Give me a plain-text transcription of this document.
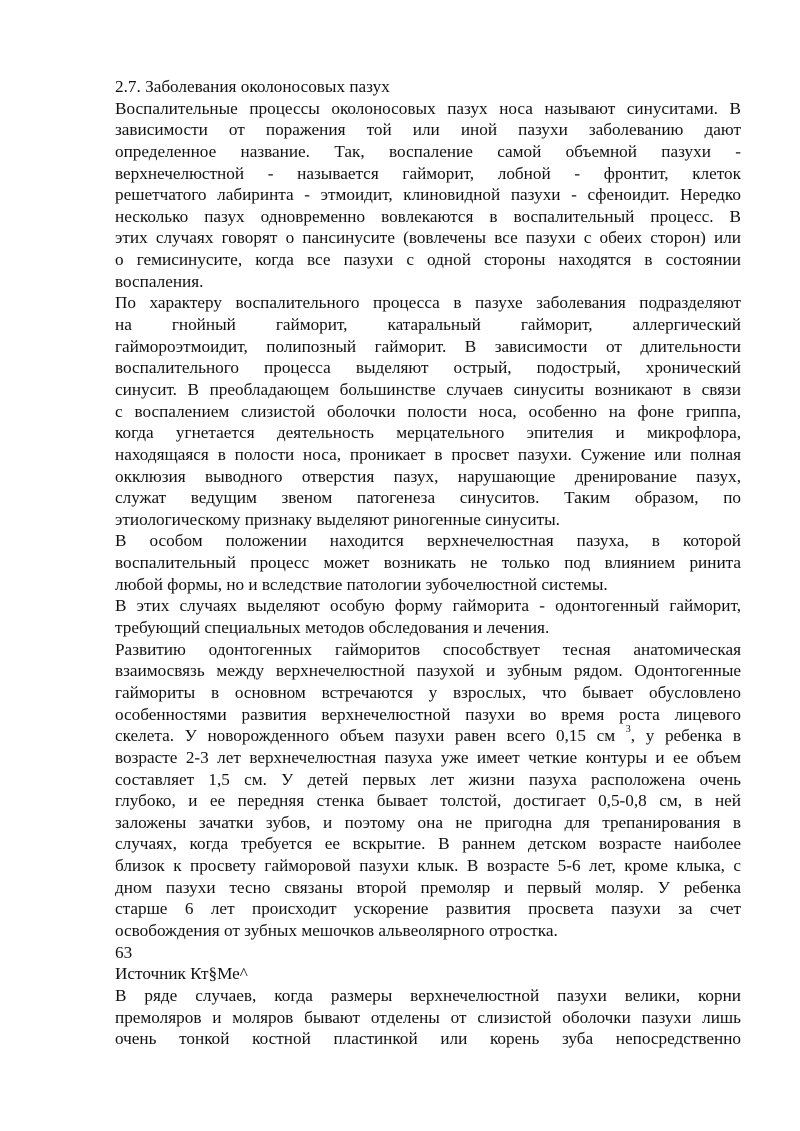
2.7. Заболевания околоносовых пазух
Воспалительные процессы околоносовых пазух носа называют синуситами. В
зависимости от поражения той или иной пазухи заболеванию дают
определенное название. Так, воспаление самой объемной пазухи -
верхнечелюстной - называется гайморит, лобной - фронтит, клеток
решетчатого лабиринта - этмоидит, клиновидной пазухи - сфеноидит. Нередко
несколько пазух одновременно вовлекаются в воспалительный процесс. В
этих случаях говорят о пансинусите (вовлечены все пазухи с обеих сторон) или
о гемисинусите, когда все пазухи с одной стороны находятся в состоянии
воспаления.
По характеру воспалительного процесса в пазухе заболевания подразделяют
на гнойный гайморит, катаральный гайморит, аллергический
гаймороэтмоидит, полипозный гайморит. В зависимости от длительности
воспалительного процесса выделяют острый, подострый, хронический
синусит. В преобладающем большинстве случаев синуситы возникают в связи
с воспалением слизистой оболочки полости носа, особенно на фоне гриппа,
когда угнетается деятельность мерцательного эпителия и микрофлора,
находящаяся в полости носа, проникает в просвет пазухи. Сужение или полная
окклюзия выводного отверстия пазух, нарушающие дренирование пазух,
служат ведущим звеном патогенеза синуситов. Таким образом, по
этиологическому признаку выделяют риногенные синуситы.
В особом положении находится верхнечелюстная пазуха, в которой
воспалительный процесс может возникать не только под влиянием ринита
любой формы, но и вследствие патологии зубочелюстной системы.
В этих случаях выделяют особую форму гайморита - одонтогенный гайморит,
требующий специальных методов обследования и лечения.
Развитию одонтогенных гайморитов способствует тесная анатомическая
взаимосвязь между верхнечелюстной пазухой и зубным рядом. Одонтогенные
гаймориты в основном встречаются у взрослых, что бывает обусловлено
особенностями развития верхнечелюстной пазухи во время роста лицевого
скелета. У новорожденного объем пазухи равен всего 0,15 см $^3$, у ребенка в
возрасте 2-3 лет верхнечелюстная пазуха уже имеет четкие контуры и ее объем
составляет 1,5 см. У детей первых лет жизни пазуха расположена очень
глубоко, и ее передняя стенка бывает толстой, достигает 0,5-0,8 см, в ней
заложены зачатки зубов, и поэтому она не пригодна для трепанирования в
случаях, когда требуется ее вскрытие. В раннем детском возрасте наиболее
близок к просвету гайморовой пазухи клык. В возрасте 5-6 лет, кроме клыка, с
дном пазухи тесно связаны второй премоляр и первый моляр. У ребенка
старше 6 лет происходит ускорение развития просвета пазухи за счет
освобождения от зубных мешочков альвеолярного отростка.
63
Источник Кт§Ме^
В ряде случаев, когда размеры верхнечелюстной пазухи велики, корни
премоляров и моляров бывают отделены от слизистой оболочки пазухи лишь
очень тонкой костной пластинкой или корень зуба непосредственно
